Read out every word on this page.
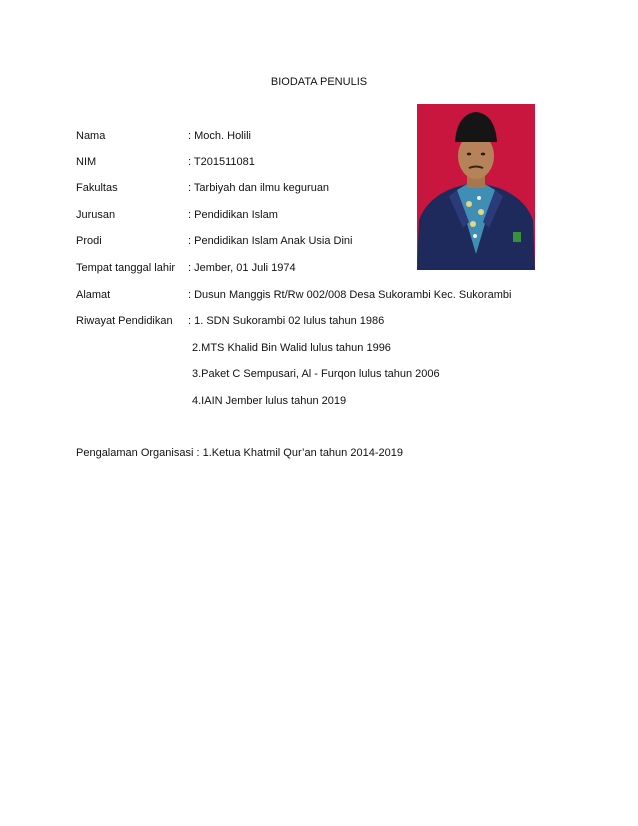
BIODATA PENULIS
Nama	: Moch. Holili
NIM	: T201511081
Fakultas	: Tarbiyah dan ilmu keguruan
Jurusan	: Pendidikan Islam
Prodi	: Pendidikan Islam Anak Usia Dini
Tempat tanggal lahir : Jember, 01 Juli 1974
Alamat	: Dusun Manggis Rt/Rw 002/008 Desa Sukorambi Kec. Sukorambi
Riwayat Pendidikan : 1. SDN Sukorambi 02 lulus tahun 1986
2.MTS Khalid Bin Walid lulus tahun 1996
3.Paket C Sempusari, Al - Furqon lulus tahun 2006
4.IAIN Jember lulus tahun 2019
Pengalaman Organisasi : 1.Ketua Khatmil Qur’an tahun 2014-2019
